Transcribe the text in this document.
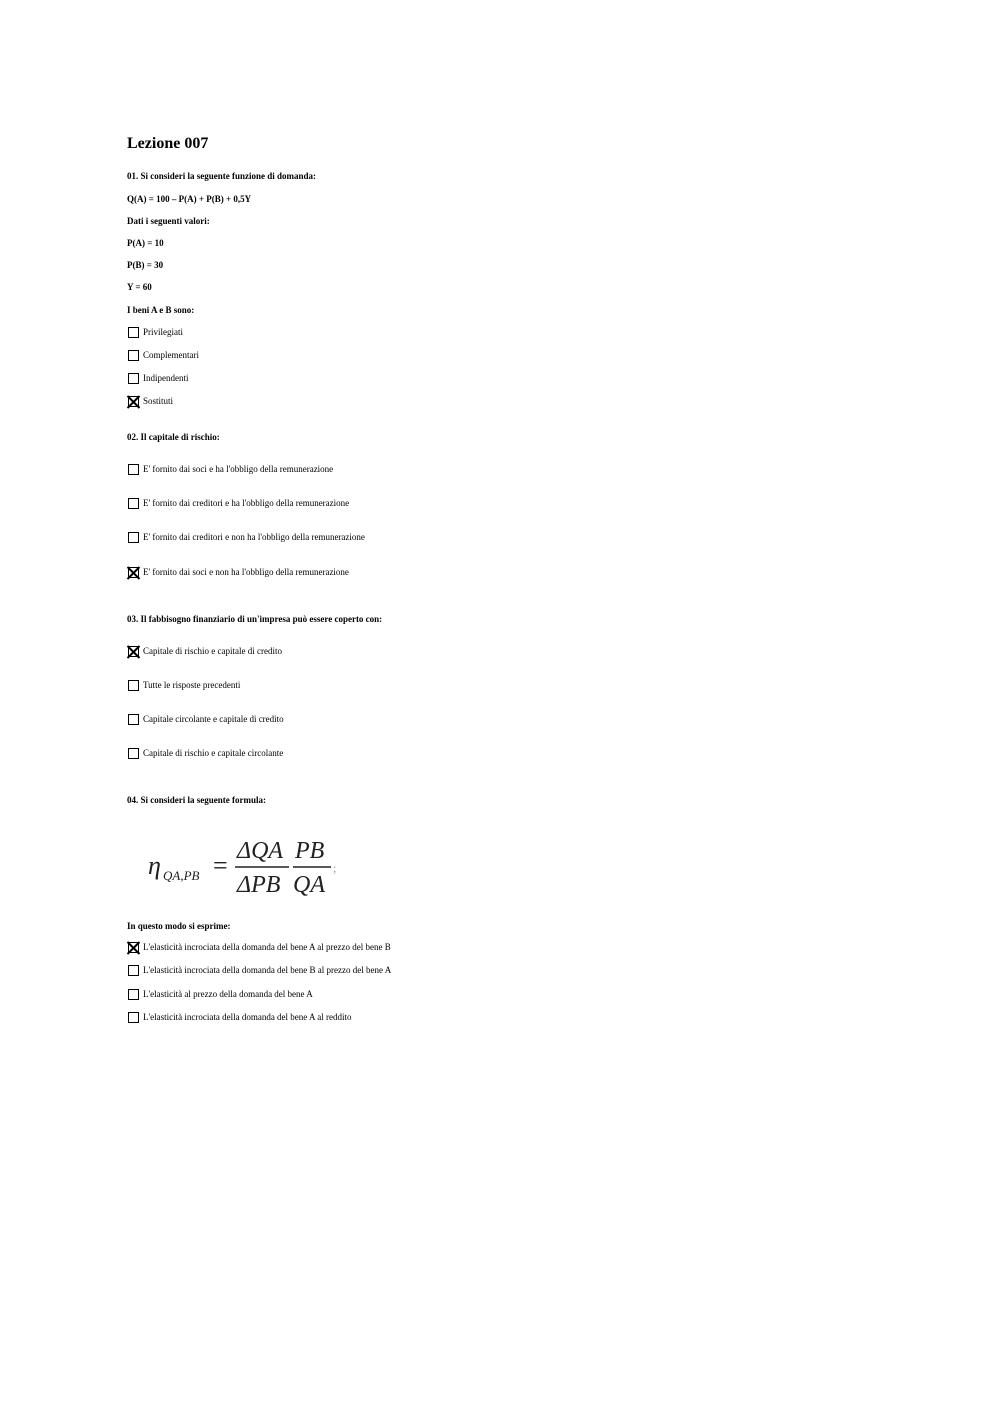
Lezione 007
01. Si consideri la seguente funzione di domanda:
Q(A) = 100 – P(A) + P(B) + 0,5Y
Dati i seguenti valori:
P(A) = 10
P(B) = 30
Y = 60
I beni A e B sono:
Privilegiati
Complementari
Indipendenti
Sostituti
02. Il capitale di rischio:
E' fornito dai soci e ha l'obbligo della remunerazione
E' fornito dai creditori e ha l'obbligo della remunerazione
E' fornito dai creditori e non ha l'obbligo della remunerazione
E' fornito dai soci e non ha l'obbligo della remunerazione
03. Il fabbisogno finanziario di un'impresa può essere coperto con:
Capitale di rischio e capitale di credito
Tutte le risposte precedenti
Capitale circolante e capitale di credito
Capitale di rischio e capitale circolante
04. Si consideri la seguente formula:
η QA,PB = ΔQA
ΔPB
PB
QA
;
In questo modo si esprime:
L'elasticità incrociata della domanda del bene A al prezzo del bene B
L'elasticità incrociata della domanda del bene B al prezzo del bene A
L'elasticità al prezzo della domanda del bene A
L'elasticità incrociata della domanda del bene A al reddito
